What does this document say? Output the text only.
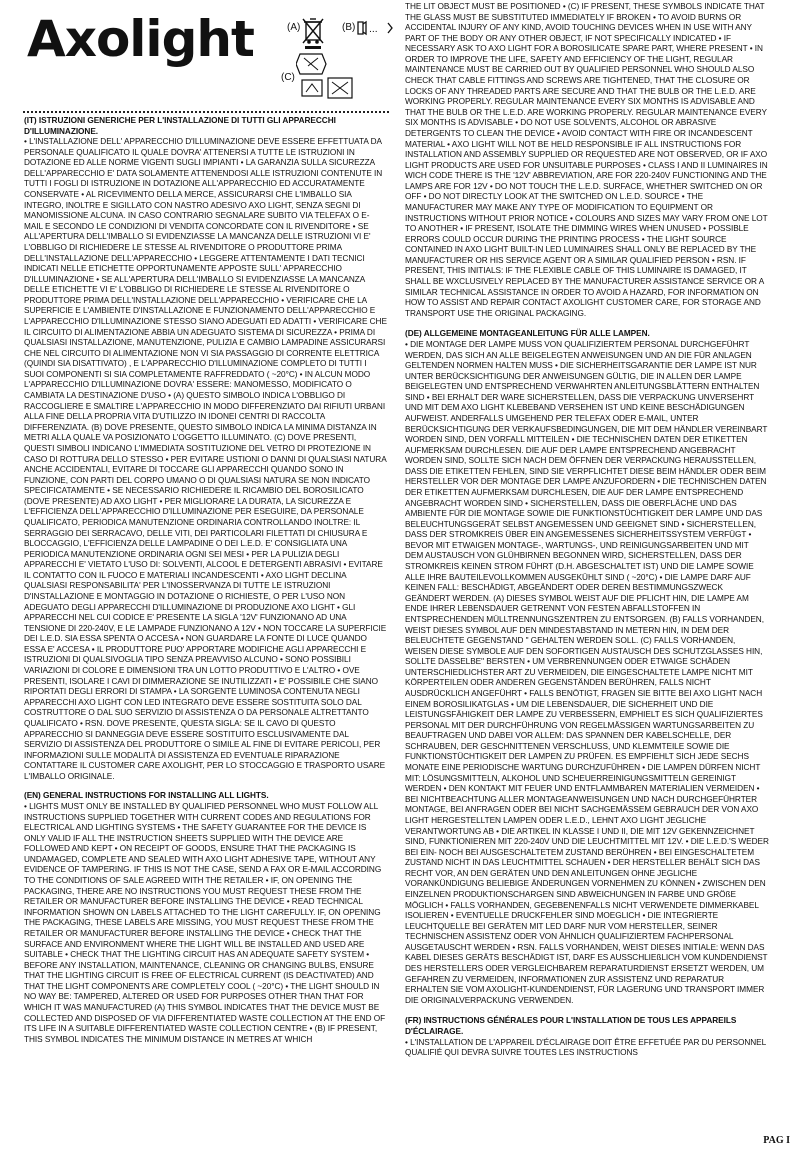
Axolight	(A)	(B) ...
(C)

(IT) ISTRUZIONI GENERICHE PER L'INSTALLAZIONE DI TUTTI GLI APPARECCHI D'ILLUMINAZIONE.

• L'INSTALLAZIONE DELL' APPARECCHIO D'ILLUMINAZIONE DEVE ESSERE EFFETTUATA DA PERSONALE QUALIFICATO IL QUALE DOVRA' ATTENERSI A TUTTE LE ISTRUZIONI IN DOTAZIONE ED ALLE NORME VIGENTI SUGLI IMPIANTI • LA GARANZIA SULLA SICUREZZA DELL'APPARECCHIO E' DATA SOLAMENTE ATTENENDOSI ALLE ISTRUZIONI CONTENUTE IN TUTTI I FOGLI DI ISTRUZIONE IN DOTAZIONE ALL'APPARECCHIO ED ACCURATAMENTE CONSERVATE • AL RICEVIMENTO DELLA MERCE, ASSICURARSI CHE L'IMBALLO SIA INTEGRO, INOLTRE E SIGILLATO CON NASTRO ADESIVO AXO LIGHT, SENZA SEGNI DI MANOMISSIONE ALCUNA. IN CASO CONTRARIO SEGNALARE SUBITO VIA TELEFAX O E-MAIL E SECONDO LE CONDIZIONI DI VENDITA CONCORDATE CON IL RIVENDITORE • SE ALL'APERTURA DELL'IMBALLO SI EVIDENZIASSE LA MANCANZA DELLE ISTRUZIONI VI E' L'OBBLIGO DI RICHIEDERE LE STESSE AL RIVENDITORE O PRODUTTORE PRIMA DELL'INSTALLAZIONE DELL'APPARECCHIO • LEGGERE ATTENTAMENTE I DATI TECNICI INDICATI NELLE ETICHETTE OPPORTUNAMENTE APPOSTE SULL' APPARECCHIO D'ILLUMINAZIONE • SE ALL'APERTURA DELL'IMBALLO SI EVIDENZIASSE LA MANCANZA DELLE ETICHETTE VI E' L'OBBLIGO DI RICHIEDERE LE STESSE AL RIVENDITORE O PRODUTTORE PRIMA DELL'INSTALLAZIONE DELL'APPARECCHIO • VERIFICARE CHE LA SUPERFICIE E L'AMBIENTE D'INSTALLAZIONE E FUNZIONAMENTO DELL'APPARECCHIO E L'APPARECCHIO D'ILLUMINAZIONE STESSO SIANO ADEGUATI ED ADATTI • VERIFICARE CHE IL CIRCUITO DI ALIMENTAZIONE ABBIA UN ADEGUATO SISTEMA DI SICUREZZA • PRIMA DI QUALSIASI INSTALLAZIONE, MANUTENZIONE, PULIZIA E CAMBIO LAMPADINE ASSICURARSI CHE NEL CIRCUITO DI ALIMENTAZIONE NON VI SIA PASSAGGIO DI CORRENTE ELETTRICA (QUINDI SIA DISATTIVATO) , E L'APPARECCHIO D'ILLUMINAZIONE COMPLETO DI TUTTI I SUOI COMPONENTI SI SIA COMPLETAMENTE RAFFREDDATO ( ~20°C) • IN ALCUN MODO L'APPARECCHIO D'ILLUMINAZIONE DOVRA' ESSERE: MANOMESSO, MODIFICATO O CAMBIATA LA DESTINAZIONE D'USO • (A) QUESTO SIMBOLO INDICA L'OBBLIGO DI RACCOGLIERE E SMALTIRE L'APPARECCHIO IN MODO DIFFERENZIATO DAI RIFIUTI URBANI ALLA FINE DELLA PROPRIA VITA D'UTILIZZO IN IDONEI CENTRI DI RACCOLTA DIFFERENZIATA. (B) DOVE PRESENTE, QUESTO SIMBOLO INDICA LA MINIMA DISTANZA IN METRI ALLA QUALE VA POSIZIONATO L'OGGETTO ILLUMINATO. (C) DOVE PRESENTI, QUESTI SIMBOLI INDICANO L'IMMEDIATA SOSTITUZIONE DEL VETRO DI PROTEZIONE IN CASO DI ROTTURA DELLO STESSO • PER EVITARE USTIONI O DANNI DI QUALSIASI NATURA ANCHE ACCIDENTALI, EVITARE DI TOCCARE GLI APPARECCHI QUANDO SONO IN FUNZIONE, CON PARTI DEL CORPO UMANO O DI QUALSIASI NATURA SE NON INDICATO SPECIFICATAMENTE • SE NECESSARIO RICHIEDERE IL RICAMBIO DEL BOROSILICATO (DOVE PRESENTE) AD AXO LIGHT • PER MIGLIORARE LA DURATA, LA SICUREZZA E L'EFFICIENZA DELL'APPARECCHIO D'ILLUMINAZIONE PER ESEGUIRE, DA PERSONALE QUALIFICATO, PERIODICA MANUTENZIONE ORDINARIA CONTROLLANDO INOLTRE: IL SERRAGGIO DEI SERRACAVO, DELLE VITI, DEI PARTICOLARI FILETTATI DI CHIUSURA E BLOCCAGGIO, L'EFFICIENZA DELLE LAMPADINE O DEI L.E.D. E' CONSIGLIATA UNA PERIODICA MANUTENZIONE ORDINARIA OGNI SEI MESI • PER LA PULIZIA DEGLI APPARECCHI E' VIETATO L'USO DI: SOLVENTI, ALCOOL E DETERGENTI ABRASIVI • EVITARE IL CONTATTO CON IL FUOCO E MATERIALI INCANDESCENTI • AXO LIGHT DECLINA QUALSIASI RESPONSABILITA' PER L'INOSSERVANZA DI TUTTE LE ISTRUZIONI D'INSTALLAZIONE E MONTAGGIO IN DOTAZIONE O RICHIESTE, O PER L'USO NON ADEGUATO DEGLI APPARECCHI D'ILLUMINAZIONE DI PRODUZIONE AXO LIGHT • GLI APPARECCHI NEL CUI CODICE E' PRESENTE LA SIGLA '12V' FUNZIONANO AD UNA TENSIONE DI 220-240V, E LE LAMPADE FUNZIONANO A 12V • NON TOCCARE LA SUPERFICIE DEI L.E.D. SIA ESSA SPENTA O ACCESA • NON GUARDARE LA FONTE DI LUCE QUANDO ESSA E' ACCESA • IL PRODUTTORE PUO' APPORTARE MODIFICHE AGLI APPARECCHI E ISTRUZIONI DI QUALSIVOGLIA TIPO SENZA PREAVVISO ALCUNO • SONO POSSIBILI VARIAZIONI DI COLORE E DIMENSIONI TRA UN LOTTO PRODUTTIVO E L'ALTRO • OVE PRESENTI, ISOLARE I CAVI DI DIMMERAZIONE SE INUTILIZZATI • E' POSSIBILE CHE SIANO RIPORTATI DEGLI ERRORI DI STAMPA • LA SORGENTE LUMINOSA CONTENUTA NEGLI APPARECCHI AXO LIGHT CON LED INTEGRATO DEVE ESSERE SOSTITUITA SOLO DAL COSTRUTTORE O DAL SUO SERVIZIO DI ASSISTENZA O DA PERSONALE ALTRETTANTO QUALIFICATO • RSN. DOVE PRESENTE, QUESTA SIGLA: SE IL CAVO DI QUESTO APPARECCHIO SI DANNEGGIA DEVE ESSERE SOSTITUITO ESCLUSIVAMENTE DAL SERVIZIO DI ASSISTENZA DEL PRODUTTORE O SIMILE AL FINE DI EVITARE PERICOLI, PER INFORMAZIONI SULLE MODALITÀ DI ASSISTENZA ED EVENTUALE RIPARAZIONE CONTATTARE IL CUSTOMER CARE AXOLIGHT, PER LO STOCCAGGIO E TRASPORTO USARE L'IMBALLO ORIGINALE.

(EN) GENERAL INSTRUCTIONS FOR INSTALLING ALL LIGHTS.

• LIGHTS MUST ONLY BE INSTALLED BY QUALIFIED PERSONNEL WHO MUST FOLLOW ALL INSTRUCTIONS SUPPLIED TOGETHER WITH CURRENT CODES AND REGULATIONS FOR ELECTRICAL AND LIGHTING SYSTEMS • THE SAFETY GUARANTEE FOR THE DEVICE IS ONLY VALID IF ALL THE INSTRUCTION SHEETS SUPPLIED WITH THE DEVICE ARE FOLLOWED AND KEPT • ON RECEIPT OF GOODS, ENSURE THAT THE PACKAGING IS UNDAMAGED, COMPLETE AND SEALED WITH AXO LIGHT ADHESIVE TAPE, WITHOUT ANY EVIDENCE OF TAMPERING. IF THIS IS NOT THE CASE, SEND A FAX OR E-MAIL ACCORDING TO THE CONDITIONS OF SALE AGREED WITH THE RETAILER • IF, ON OPENING THE PACKAGING, THERE ARE NO INSTRUCTIONS YOU MUST REQUEST THESE FROM THE RETAILER OR MANUFACTURER BEFORE INSTALLING THE DEVICE • READ TECHNICAL INFORMATION SHOWN ON LABELS ATTACHED TO THE LIGHT CAREFULLY. IF, ON OPENING THE PACKAGING, THESE LABELS ARE MISSING, YOU MUST REQUEST THESE FROM THE RETAILER OR MANUFACTURER BEFORE INSTALLING THE DEVICE • CHECK THAT THE SURFACE AND ENVIRONMENT WHERE THE LIGHT WILL BE INSTALLED AND USED ARE SUITABLE • CHECK THAT THE LIGHTING CIRCUIT HAS AN ADEQUATE SAFETY SYSTEM • BEFORE ANY INSTALLATION, MAINTENANCE, CLEANING OR CHANGING BULBS, ENSURE THAT THE LIGHTING CIRCUIT IS FREE OF ELECTRICAL CURRENT (IS DEACTIVATED) AND THAT THE LIGHT COMPONENTS ARE COMPLETELY COOL ( ~20°C) • THE LIGHT SHOULD IN NO WAY BE: TAMPERED, ALTERED OR USED FOR PURPOSES OTHER THAN THAT FOR WHICH IT WAS MANUFACTURED (A) THIS SYMBOL INDICATES THAT THE DEVICE MUST BE COLLECTED AND DISPOSED OF VIA DIFFERENTIATED WASTE COLLECTION AT THE END OF ITS LIFE IN A SUITABLE DIFFERENTIATED WASTE COLLECTION CENTRE • (B) IF PRESENT, THIS SYMBOL INDICATES THE MINIMUM DISTANCE IN METRES AT WHICH

THE LIT OBJECT MUST BE POSITIONED • (C) IF PRESENT, THESE SYMBOLS INDICATE THAT THE GLASS MUST BE SUBSTITUTED IMMEDIATELY IF BROKEN • TO AVOID BURNS OR ACCIDENTAL INJURY OF ANY KIND, AVOID TOUCHING DEVICES WHEN IN USE WITH ANY PART OF THE BODY OR ANY OTHER OBJECT, IF NOT SPECIFICALLY INDICATED • IF NECESSARY ASK TO AXO LIGHT FOR A BOROSILICATE SPARE PART, WHERE PRESENT • IN ORDER TO IMPROVE THE LIFE, SAFETY AND EFFICIENCY OF THE LIGHT, REGULAR MAINTENANCE MUST BE CARRIED OUT BY QUALIFIED PERSONNEL WHO SHOULD ALSO CHECK THAT CABLE FITTINGS AND SCREWS ARE TIGHTENED, THAT THE CLOSURE OR LOCKS OF ANY THREADED PARTS ARE SECURE AND THAT THE BULB OR THE L.E.D. ARE WORKING PROPERLY. REGULAR MAINTENANCE EVERY SIX MONTHS IS ADVISABLE AND THAT THE BULB OR THE L.E.D. ARE WORKING PROPERLY. REGULAR MAINTENANCE EVERY SIX MONTHS IS ADVISABLE • DO NOT USE SOLVENTS, ALCOHOL OR ABRASIVE DETERGENTS TO CLEAN THE DEVICE • AVOID CONTACT WITH FIRE OR INCANDESCENT MATERIAL • AXO LIGHT WILL NOT BE HELD RESPONSIBLE IF ALL INSTRUCTIONS FOR INSTALLATION AND ASSEMBLY SUPPLIED OR REQUESTED ARE NOT OBSERVED, OR IF AXO LIGHT PRODUCTS ARE USED FOR UNSUITABLE PURPOSES • CLASS I AND II LUMINAIRES IN WICH CODE THERE IS THE '12V' ABBREVIATION, ARE FOR 220-240V FUNCTIONING AND THE LAMPS ARE FOR 12V • DO NOT TOUCH THE L.E.D. SURFACE, WHETHER SWITCHED ON OR OFF • DO NOT DIRECTLY LOOK AT THE SWITCHED ON L.E.D. SOURCE • THE MANUFACTURER MAY MAKE ANY TYPE OF MODIFICATION TO EQUIPMENT OR INSTRUCTIONS WITHOUT PRIOR NOTICE • COLOURS AND SIZES MAY VARY FROM ONE LOT TO ANOTHER • IF PRESENT, ISOLATE THE DIMMING WIRES WHEN UNUSED • POSSIBLE ERRORS COULD OCCUR DURING THE PRINTING PROCESS • THE LIGHT SOURCE CONTAINED IN AXO LIGHT BUILT-IN LED LUMINAIRES SHALL ONLY BE REPLACED BY THE MANUFACTURER OR HIS SERVICE AGENT OR A SIMILAR QUALIFIED PERSON • RSN. IF PRESENT, THIS INITIALS: IF THE FLEXIBLE CABLE OF THIS LUMINAIRE IS DAMAGED, IT SHALL BE WXCLUSIVELY REPLACED BY THE MANUFACTURER ASSISTANCE SERVICE OR A SIMILAR TECHNICAL ASSISTANCE IN ORDER TO AVOID A HAZARD, FOR INFORMATION ON HOW TO ASSIST AND REPAIR CONTACT AXOLIGHT CUSTOMER CARE, FOR STORAGE AND TRANSPORT USE THE ORIGINAL PACKAGING.

(DE) ALLGEMEINE MONTAGEANLEITUNG FÜR ALLE LAMPEN.

• DIE MONTAGE DER LAMPE MUSS VON QUALIFIZIERTEM PERSONAL DURCHGEFÜHRT WERDEN, DAS SICH AN ALLE BEIGELEGTEN ANWEISUNGEN UND AN DIE FÜR ANLAGEN GELTENDEN NORMEN HALTEN MUSS • DIE SICHERHEITSGARANTIE DER LAMPE IST NUR UNTER BERÜCKSICHTIGUNG DER ANWEISUNGEN GÜLTIG, DIE IN ALLEN DER LAMPE BEIGELEGTEN UND ENTSPRECHEND VERWAHRTEN ANLEITUNGSBLÄTTERN ENTHALTEN SIND • BEI ERHALT DER WARE SICHERSTELLEN, DASS DIE VERPACKUNG UNVERSEHRT UND MIT DEM AXO LIGHT KLEBEBAND VERSEHEN IST UND KEINE BESCHÄDIGUNGEN AUFWEIST. ANDERFALLS UMGEHEND PER TELEFAX ODER E-MAIL, UNTER BERÜCKSICHTIGUNG DER VERKAUFSBEDINGUNGEN, DIE MIT DEM HÄNDLER VEREINBART WORDEN SIND, DEN VORFALL MITTEILEN • DIE TECHNISCHEN DATEN DER ETIKETTEN AUFMERKSAM DURCHLESEN. DIE AUF DER LAMPE ENTSPRECHEND ANGEBRACHT WORDEN SIND, SOLLTE SICH NACH DEM ÖFFNEN DER VERPACKUNG HERAUSSTELLEN, DASS DIE ETIKETTEN FEHLEN, SIND SIE VERPFLICHTET DIESE BEIM HÄNDLER ODER BEIM HERSTELLER VOR DER MONTAGE DER LAMPE ANZUFORDERN • DIE TECHNISCHEN DATEN DER ETIKETTEN AUFMERKSAM DURCHLESEN, DIE AUF DER LAMPE ENTSPRECHEND ANGEBRACHT WORDEN SIND • SICHERSTELLEN, DASS DIE OBERFLÄCHE UND DAS AMBIENTE FÜR DIE MONTAGE SOWIE DIE FUNKTIONSTÜCHTIGKEIT DER LAMPE UND DAS BELEUCHTUNGSGERÄT SELBST ANGEMESSEN UND GEEIGNET SIND • SICHERSTELLEN, DASS DER STROMKREIS ÜBER EIN ANGEMESSENES SICHERHEITSSYSTEM VERFÜGT • BEVOR MIT ETWAIGEN MONTAGE-, WARTUNGS-, UND REINIGUNGSARBEITEN UND MIT DEM AUSTAUSCH VON GLÜHBIRNEN BEGONNEN WIRD, SICHERSTELLEN, DASS DER STROMKREIS KEINEN STROM FÜHRT (D.H. ABGESCHALTET IST) UND DIE LAMPE SOWIE ALLE IHRE BAUTEILEVOLLKOMMEN AUSGEKÜHLT SIND ( ~20°C) • DIE LAMPE DARF AUF KEINEN FALL: BESCHÄDIGT, ABGEÄNDERT ODER DEREN BESTIMMUNGSZWECK GEÄNDERT WERDEN. (A) DIESES SYMBOL WEIST AUF DIE PFLICHT HIN, DIE LAMPE AM ENDE IHRER LEBENSDAUER GETRENNT VON FESTEN ABFALLSTOFFEN IN ENTSPRECHENDEN MÜLLTRENNUNGSZENTREN ZU ENTSORGEN. (B) FALLS VORHANDEN, WEIST DIESES SYMBOL AUF DEN MINDESTABSTAND IN METERN HIN, IN DEM DER BELEUCHTETE GEGENSTAND " GEHALTEN WERDEN SOLL. (C) FALLS VORHANDEN, WEISEN DIESE SYMBOLE AUF DEN SOFORTIGEN AUSTAUSCH DES SCHUTZGLASSES HIN, SOLLTE DASSELBE" BERSTEN • UM VERBRENNUNGEN ODER ETWAIGE SCHÄDEN UNTERSCHIEDLICHSTER ART ZU VERMEIDEN, DIE EINGESCHALTETE LAMPE NICHT MIT KÖRPERTEILEN ODER ANDEREN GEGENSTÄNDEN BERÜHREN, FALLS NICHT AUSDRÜCKLICH ANGEFÜHRT • FALLS BENÖTIGT, FRAGEN SIE BITTE BEI AXO LIGHT NACH EINEM BOROSILIKATGLAS • UM DIE LEBENSDAUER, DIE SICHERHEIT UND DIE LEISTUNGSFÄHIGKEIT DER LAMPE ZU VERBESSERN, EMPHIELT ES SICH QUALIFIZIERTES PERSONAL MIT DER DURCHFÜHRUNG VON REGELMÄSSIGEN WARTUNGSARBEITEN ZU BEAUFTRAGEN UND DABEI VOR ALLEM: DAS SPANNEN DER KABELSCHELLE, DER SCHRAUBEN, DER GESCHNITTENEN VERSCHLUSS, UND KLEMMTEILE SOWIE DIE FUNKTIONSTÜCHTIGKEIT DER LAMPEN ZU PRÜFEN. ES EMPFIEHLT SICH JEDE SECHS MONATE EINE PERIODISCHE WARTUNG DURCHZUFÜHREN • DIE LAMPEN DÜRFEN NICHT MIT: LÖSUNGSMITTELN, ALKOHOL UND SCHEUERREINIGUNGSMITTELN GEREINIGT WERDEN • DEN KONTAKT MIT FEUER UND ENTFLAMMBAREN MATERIALIEN VERMEIDEN • BEI NICHTBEACHTUNG ALLER MONTAGEANWEISUNGEN UND NACH DURCHGEFÜHRTER MONTAGE, BEI ANFRAGEN ODER BEI NICHT SACHGEMÄSSEM GEBRAUCH DER VON AXO LIGHT HERGESTELLTEN LAMPEN ODER L.E.D., LEHNT AXO LIGHT JEGLICHE VERANTWORTUNG AB • DIE ARTIKEL IN KLASSE I UND II, DIE MIT 12V GEKENNZEICHNET SIND, FUNKTIONIEREN MIT 220-240V UND DIE LEUCHTMITTEL MIT 12V. • DIE L.E.D.'S WEDER BEI EIN- NOCH BEI AUSGESCHALTETEM ZUSTAND BERÜHREN • BEI EINGESCHALTETEM ZUSTAND NICHT IN DAS LEUCHTMITTEL SCHAUEN • DER HERSTELLER BEHÄLT SICH DAS RECHT VOR, AN DEN GERÄTEN UND DEN ANLEITUNGEN OHNE JEGLICHE VORANKÜNDIGUNG BELIEBIGE ÄNDERUNGEN VORNEHMEN ZU KÖNNEN • ZWISCHEN DEN EINZELNEN PRODUKTIONSCHARGEN SIND ABWEICHUNGEN IN FARBE UND GRÖßE MÖGLICH • FALLS VORHANDEN, GEGEBENENFALLS NICHT VERWENDETE DIMMERKABEL ISOLIEREN • EVENTUELLE DRUCKFEHLER SIND MOEGLICH • DIE INTEGRIERTE LEUCHTQUELLE BEI GERÄTEN MIT LED DARF NUR VOM HERSTELLER, SEINER TECHNISCHEN ASSISTENZ ODER VON ÄHNLICH QUALIFIZIERTEM FACHPERSONAL AUSGETAUSCHT WERDEN • RSN. FALLS VORHANDEN, WEIST DIESES INITIALE: WENN DAS KABEL DIESES GERÄTS BESCHÄDIGT IST, DARF ES AUSSCHLIEßLICH VOM KUNDENDIENST DES HERSTELLERS ODER VERGLEICHBAREM REPARATURDIENST ERSETZT WERDEN, UM GEFAHREN ZU VERMEIDEN, INFORMATIONEN ZUR ASSISTENZ UND REPARATUR ERHALTEN SIE VOM AXOLIGHT-KUNDENDIENST, FÜR LAGERUNG UND TRANSPORT IMMER DIE ORIGINALVERPACKUNG VERWENDEN.

(FR) INSTRUCTIONS GÉNÉRALES POUR L'INSTALLATION DE TOUS LES APPAREILS D'ÉCLAIRAGE.

• L'INSTALLATION DE L'APPAREIL D'ÉCLAIRAGE DOIT ÊTRE EFFETUÉE PAR DU PERSONNEL QUALIFIÉ QUI DEVRA SUIVRE TOUTES LES INSTRUCTIONS

PAG I
